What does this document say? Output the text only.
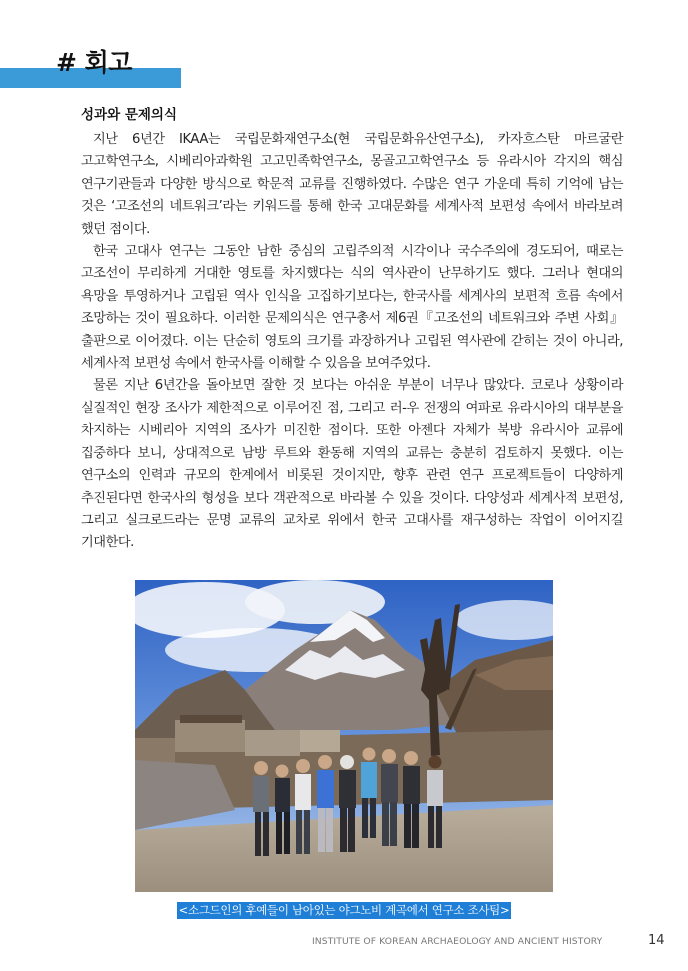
# 회고
성과와 문제의식

지난 6년간 IKAA는 국립문화재연구소(현 국립문화유산연구소), 카자흐스탄 마르굴란 고고학연구소, 시베리아과학원 고고민족학연구소, 몽골고고학연구소 등 유라시아 각지의 핵심 연구기관들과 다양한 방식으로 학문적 교류를 진행하였다. 수많은 연구 가운데 특히 기억에 남는 것은 ‘고조선의 네트워크’라는 키워드를 통해 한국 고대문화를 세계사적 보편성 속에서 바라보려 했던 점이다.

한국 고대사 연구는 그동안 남한 중심의 고립주의적 시각이나 국수주의에 경도되어, 때로는 고조선이 무리하게 거대한 영토를 차지했다는 식의 역사관이 난무하기도 했다. 그러나 현대의 욕망을 투영하거나 고립된 역사 인식을 고집하기보다는, 한국사를 세계사의 보편적 흐름 속에서 조망하는 것이 필요하다. 이러한 문제의식은 연구총서 제6권『고조선의 네트워크와 주변 사회』출판으로 이어졌다. 이는 단순히 영토의 크기를 과장하거나 고립된 역사관에 갇히는 것이 아니라, 세계사적 보편성 속에서 한국사를 이해할 수 있음을 보여주었다.

물론 지난 6년간을 돌아보면 잘한 것 보다는 아쉬운 부분이 너무나 많았다. 코로나 상황이라 실질적인 현장 조사가 제한적으로 이루어진 점, 그리고 러-우 전쟁의 여파로 유라시아의 대부분을 차지하는 시베리아 지역의 조사가 미진한 점이다. 또한 아젠다 자체가 북방 유라시아 교류에 집중하다 보니, 상대적으로 남방 루트와 환동해 지역의 교류는 충분히 검토하지 못했다. 이는 연구소의 인력과 규모의 한계에서 비롯된 것이지만, 향후 관련 연구 프로젝트들이 다양하게 추진된다면 한국사의 형성을 보다 객관적으로 바라볼 수 있을 것이다. 다양성과 세계사적 보편성, 그리고 실크로드라는 문명 교류의 교차로 위에서 한국 고대사를 재구성하는 작업이 이어지길 기대한다.

<소그드인의 후예들이 남아있는 야그노비 계곡에서 연구소 조사팀>
INSTITUTE OF KOREAN ARCHAEOLOGY AND ANCIENT HISTORY	14
